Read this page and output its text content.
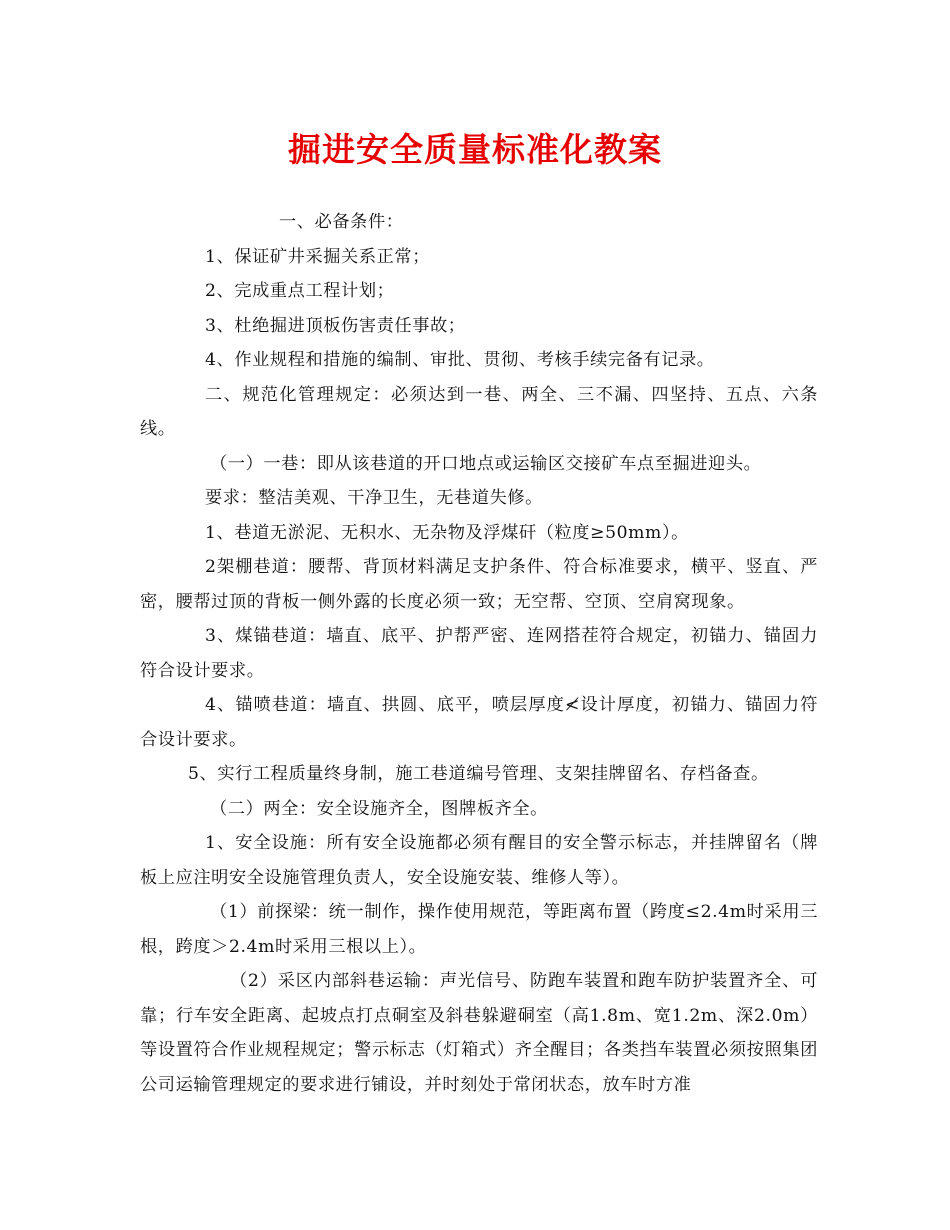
掘进安全质量标准化教案

一、必备条件：

1、保证矿井采掘关系正常；

2、完成重点工程计划；

3、杜绝掘进顶板伤害责任事故；

4、作业规程和措施的编制、审批、贯彻、考核手续完备有记录。

二、规范化管理规定：必须达到一巷、两全、三不漏、四坚持、五点、六条线。

（一）一巷：即从该巷道的开口地点或运输区交接矿车点至掘进迎头。

要求：整洁美观、干净卫生，无巷道失修。

1、巷道无淤泥、无积水、无杂物及浮煤矸（粒度≥50mm）。

2架棚巷道：腰帮、背顶材料满足支护条件、符合标准要求，横平、竖直、严密，腰帮过顶的背板一侧外露的长度必须一致；无空帮、空顶、空肩窝现象。

3、煤锚巷道：墙直、底平、护帮严密、连网搭茬符合规定，初锚力、锚固力符合设计要求。

4、锚喷巷道：墙直、拱圆、底平，喷层厚度≮设计厚度，初锚力、锚固力符合设计要求。

5、实行工程质量终身制，施工巷道编号管理、支架挂牌留名、存档备查。

（二）两全：安全设施齐全，图牌板齐全。

1、安全设施：所有安全设施都必须有醒目的安全警示标志，并挂牌留名（牌板上应注明安全设施管理负责人，安全设施安装、维修人等）。

（1）前探梁：统一制作，操作使用规范，等距离布置（跨度≤2.4m时采用三根，跨度＞2.4m时采用三根以上）。

（2）采区内部斜巷运输：声光信号、防跑车装置和跑车防护装置齐全、可靠；行车安全距离、起坡点打点硐室及斜巷躲避硐室（高1.8m、宽1.2m、深2.0m）等设置符合作业规程规定；警示标志（灯箱式）齐全醒目；各类挡车装置必须按照集团公司运输管理规定的要求进行铺设，并时刻处于常闭状态，放车时方准
